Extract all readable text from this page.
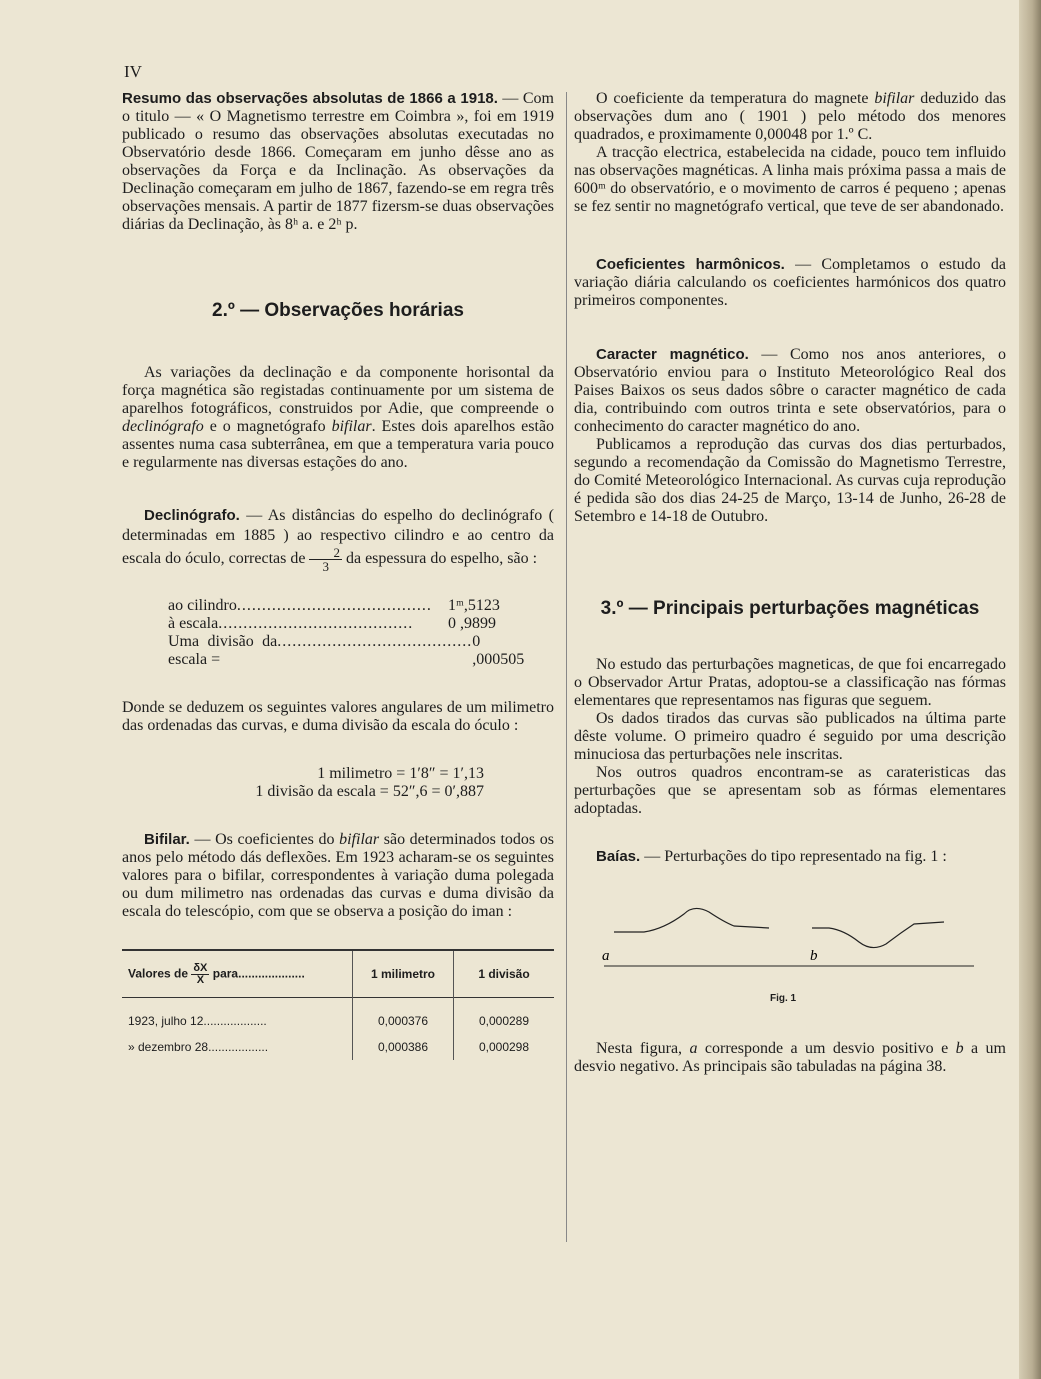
IV

Resumo das observações absolutas de 1866 a 1918. — Com o titulo — « O Magnetismo terrestre em Coimbra », foi em 1919 publicado o resumo das observações absolutas executadas no Observatório desde 1866. Começaram em junho dêsse ano as observações da Força e da Inclinação. As observações da Declinação começaram em julho de 1867, fazendo-se em regra três observações mensais. A partir de 1877 fizersm-se duas observações diárias da Declinação, às 8ʰ a. e 2ʰ p.

2.º — Observações horárias

As variações da declinação e da componente horisontal da força magnética são registadas continuamente por um sistema de aparelhos fotográficos, construidos por Adie, que compreende o declinógrafo e o magnetógrafo bifilar. Estes dois aparelhos estão assentes numa casa subterrânea, em que a temperatura varia pouco e regularmente nas diversas estações do ano.

Declinógrafo. — As distâncias do espelho do declinógrafo ( determinadas em 1885 ) ao respectivo cilindro e ao centro da escala do óculo, correctas de $\frac{2}{3}$ da espessura do espelho, são :

ao cilindro .......................................	1ᵐ,5123
à escala .......................................	0 ,9899
Uma divisão da escala =
....................................... 0 ,000505

Donde se deduzem os seguintes valores angulares de um milimetro das ordenadas das curvas, e duma divisão da escala do óculo :

1 milimetro = 1′8″ = 1′,13
1 divisão da escala = 52″,6 = 0′,887

Bifilar. — Os coeficientes do bifilar são determinados todos os anos pelo método dás deflexões. Em 1923 acharam-se os seguintes valores para o bifilar, correspondentes à variação duma polegada ou dum milimetro nas ordenadas das curvas e duma divisão da escala do telescópio, com que se observa a posição do iman :

Valores de $\frac{\delta X}{X}$ para....................	1 milimetro	1 divisão
1923, julho 12...................	0,000376	0,000289
» dezembro 28..................	0,000386	0,000298

O coeficiente da temperatura do magnete bifilar deduzido das observações dum ano ( 1901 ) pelo método dos menores quadrados, e proximamente 0,00048 por 1.º C.

A tracção electrica, estabelecida na cidade, pouco tem influido nas observações magnéticas. A linha mais próxima passa a mais de 600ᵐ do observatório, e o movimento de carros é pequeno ; apenas se fez sentir no magnetógrafo vertical, que teve de ser abandonado.

Coeficientes harmônicos. — Completamos o estudo da variação diária calculando os coeficientes harmónicos dos quatro primeiros componentes.

Caracter magnético. — Como nos anos anteriores, o Observatório enviou para o Instituto Meteorológico Real dos Paises Baixos os seus dados sôbre o caracter magnético de cada dia, contribuindo com outros trinta e sete observatórios, para o conhecimento do caracter magnético do ano.

Publicamos a reprodução das curvas dos dias perturbados, segundo a recomendação da Comissão do Magnetismo Terrestre, do Comité Meteorológico Internacional. As curvas cuja reprodução é pedida são dos dias 24-25 de Março, 13-14 de Junho, 26-28 de Setembro e 14-18 de Outubro.

3.º — Principais perturbações magnéticas

No estudo das perturbações magneticas, de que foi encarregado o Observador Artur Pratas, adoptou-se a classificação nas fórmas elementares que representamos nas figuras que seguem.

Os dados tirados das curvas são publicados na última parte dêste volume. O primeiro quadro é seguido por uma descrição minuciosa das perturbações nele inscritas.

Nos outros quadros encontram-se as carateristicas das perturbações que se apresentam sob as fórmas elementares adoptadas.

Baías. — Perturbações do tipo representado na fig. 1 :

a	b
Fig. 1

Nesta figura, a corresponde a um desvio positivo e b a um desvio negativo. As principais são tabuladas na página 38.
